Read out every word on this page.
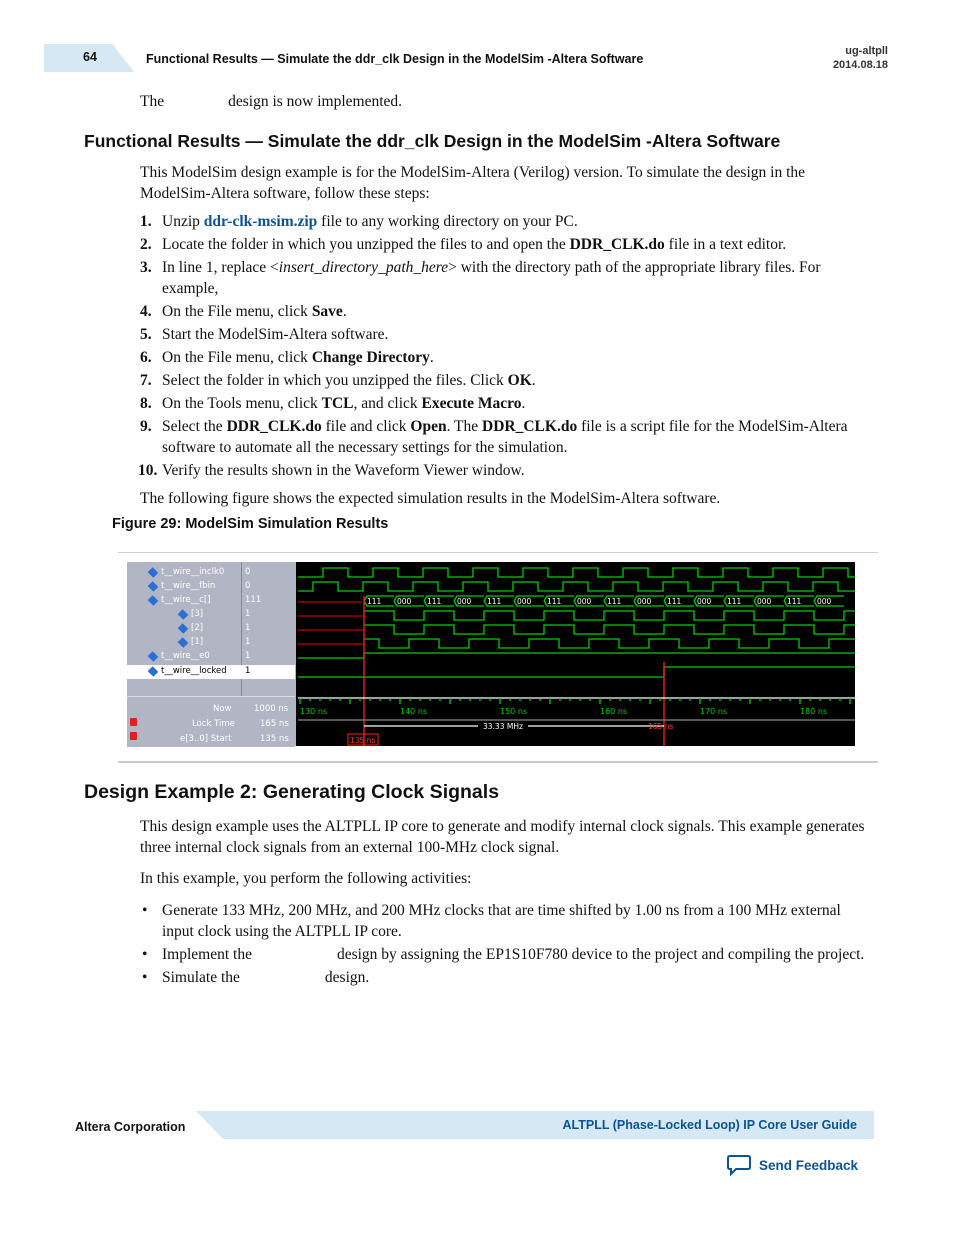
64	Functional Results — Simulate the ddr_clk Design in the ModelSim -Altera Software
ug-altpll
2014.08.18
The	design is now implemented.
Functional Results — Simulate the ddr_clk Design in the ModelSim -Altera Software
This ModelSim design example is for the ModelSim-Altera (Verilog) version. To simulate the design in the ModelSim-Altera software, follow these steps:
1. Unzip ddr-clk-msim.zip file to any working directory on your PC.
2. Locate the folder in which you unzipped the files to and open the DDR_CLK.do file in a text editor.
3. In line 1, replace <insert_directory_path_here> with the directory path of the appropriate library files. For example,
4. On the File menu, click Save.
5. Start the ModelSim-Altera software.
6. On the File menu, click Change Directory.
7. Select the folder in which you unzipped the files. Click OK.
8. On the Tools menu, click TCL, and click Execute Macro.
9. Select the DDR_CLK.do file and click Open. The DDR_CLK.do file is a script file for the ModelSim-Altera software to automate all the necessary settings for the simulation.
10. Verify the results shown in the Waveform Viewer window.
The following figure shows the expected simulation results in the ModelSim-Altera software.
Figure 29: ModelSim Simulation Results
t__wire__inclk0 0
t__wire__fbin	0
t__wire__c[]	111
[3]	1
[2]	1
[1]	1
t__wire__e0	1
t__wire__locked 1
Now	1000 ns
Lock Time	165 ns
e[3..0] Start	135 ns
111 000 111 000 111 000 111 000 111 000 111 000 111 000 111 000
130 ns	140 ns	150 ns	160 ns	170 ns	180 ns
33.33 MHz
135 ns
165 ns
Design Example 2: Generating Clock Signals
This design example uses the ALTPLL IP core to generate and modify internal clock signals. This example generates three internal clock signals from an external 100-MHz clock signal.
In this example, you perform the following activities:
• Generate 133 MHz, 200 MHz, and 200 MHz clocks that are time shifted by 1.00 ns from a 100 MHz external input clock using the ALTPLL IP core.
• Implement the	design by assigning the EP1S10F780 device to the project and compiling the project.
• Simulate the	design.
Altera Corporation	ALTPLL (Phase-Locked Loop) IP Core User Guide
Send Feedback
